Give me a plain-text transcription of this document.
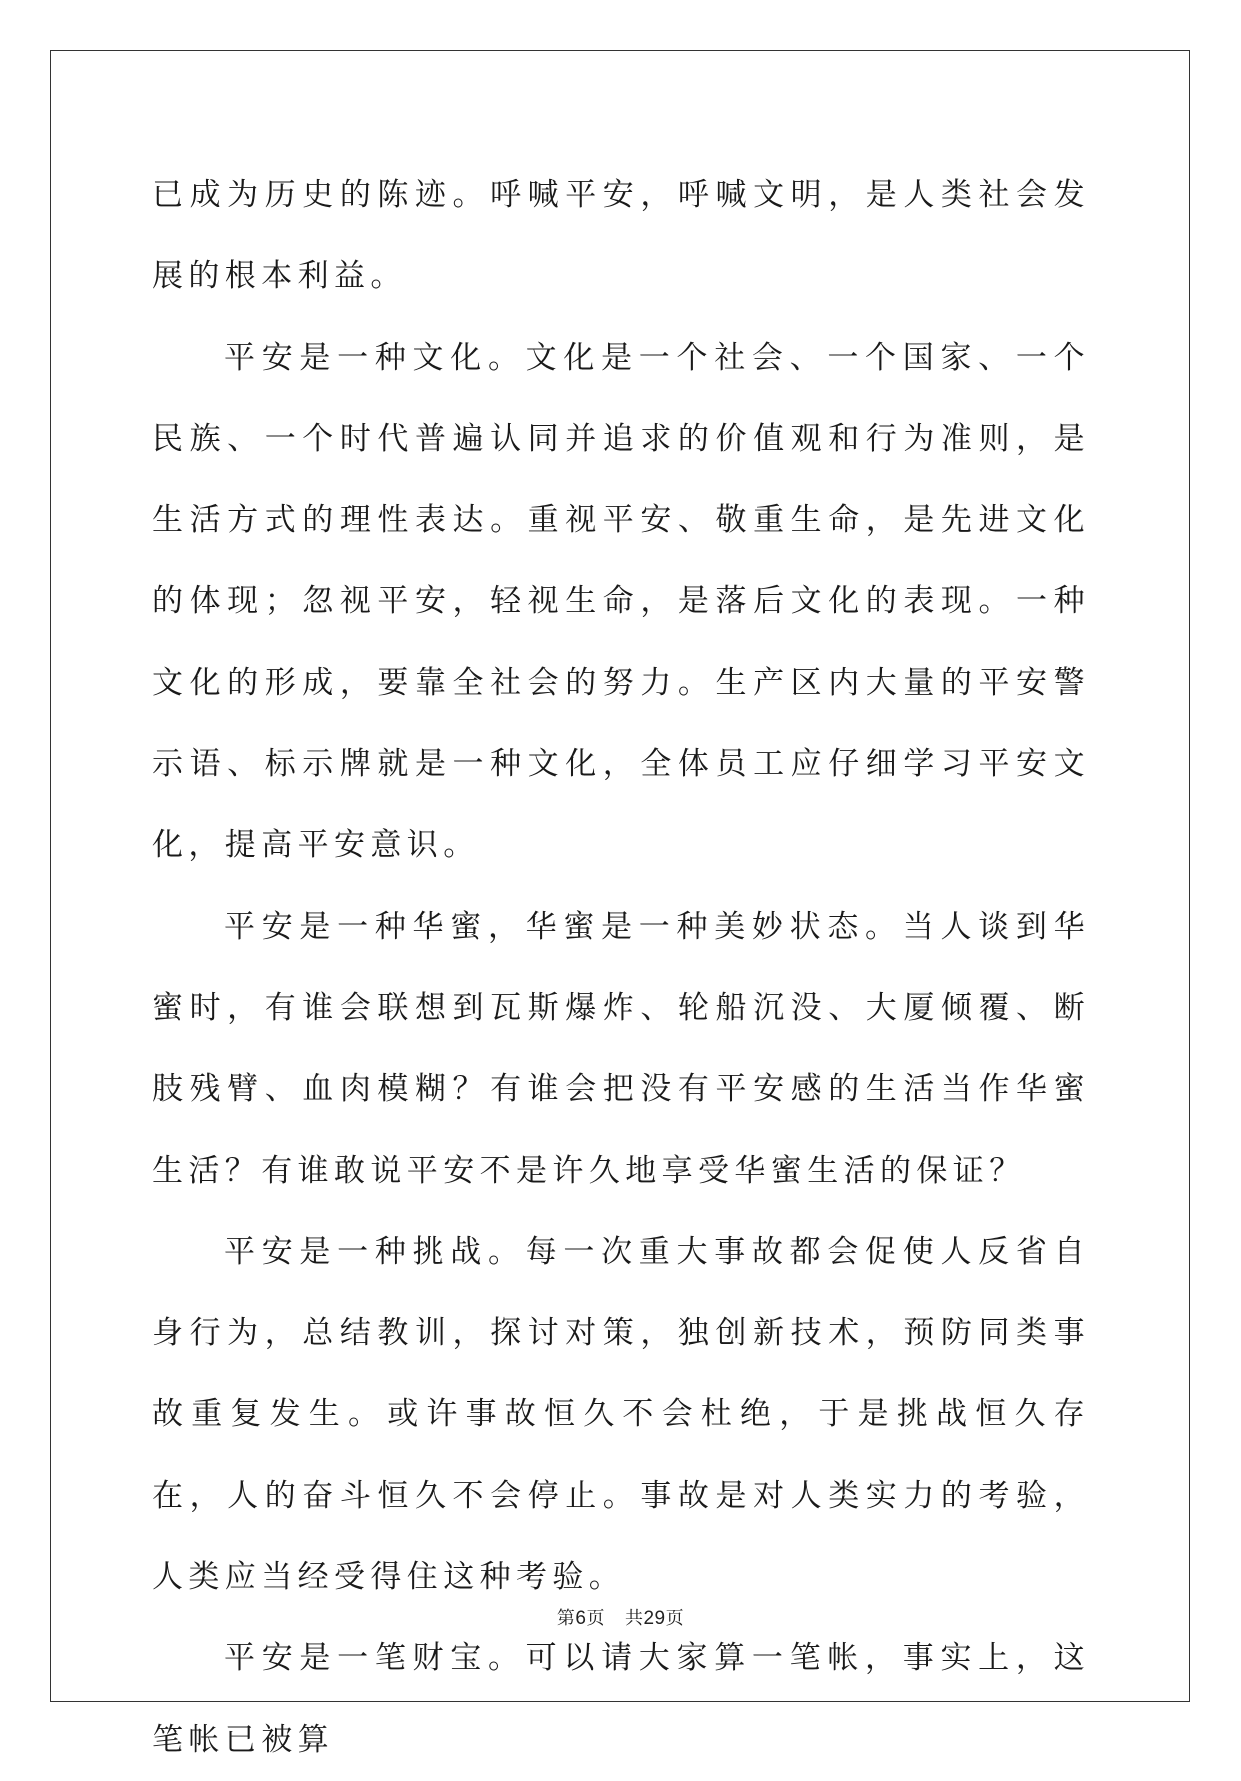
已成为历史的陈迹。呼喊平安，呼喊文明，是人类社会发展的根本利益。

平安是一种文化。文化是一个社会、一个国家、一个民族、一个时代普遍认同并追求的价值观和行为准则，是生活方式的理性表达。重视平安、敬重生命，是先进文化的体现；忽视平安，轻视生命，是落后文化的表现。一种文化的形成，要靠全社会的努力。生产区内大量的平安警示语、标示牌就是一种文化，全体员工应仔细学习平安文化，提高平安意识。

平安是一种华蜜，华蜜是一种美妙状态。当人谈到华蜜时，有谁会联想到瓦斯爆炸、轮船沉没、大厦倾覆、断肢残臂、血肉模糊？有谁会把没有平安感的生活当作华蜜生活？有谁敢说平安不是许久地享受华蜜生活的保证？

平安是一种挑战。每一次重大事故都会促使人反省自身行为，总结教训，探讨对策，独创新技术，预防同类事故重复发生。或许事故恒久不会杜绝，于是挑战恒久存在，人的奋斗恒久不会停止。事故是对人类实力的考验，人类应当经受得住这种考验。

平安是一笔财宝。可以请大家算一笔帐，事实上，这笔帐已被算

第6页 共29页
